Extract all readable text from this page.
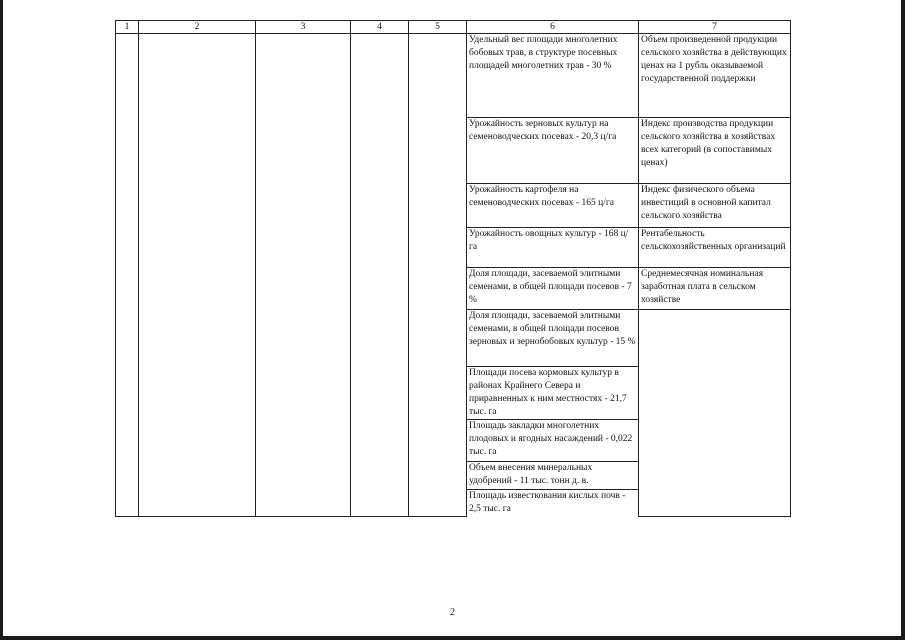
1	2	3	4	5	6	7
					Удельный вес площади многолетних бобовых трав, в структуре посевных площадей многолетних трав - 30 %	Объем произведенной продукции сельского хозяйства в действующих ценах на 1 рубль оказываемой государственной поддержки
					Урожайность зерновых культур на семеноводческих посевах - 20,3 ц/га	Индекс производства продукции сельского хозяйства в хозяйствах всех категорий (в сопоставимых ценах)
					Урожайность картофеля на семеноводческих посевах - 165 ц/га	Индекс физического объема инвестиций в основной капитал сельского хозяйства
					Урожайность овощных культур - 168 ц/га	Рентабельность сельскохозяйственных организаций
					Доля площади, засеваемой элитными семенами, в общей площади посевов - 7 %	Среднемесячная номинальная заработная плата в сельском хозяйстве
					Доля площади, засеваемой элитными семенами, в общей площади посевов зерновых и зернобобовых культур - 15 %	
					Площади посева кормовых культур в районах Крайнего Севера и приравненных к ним местностях - 21,7 тыс. га	
					Площадь закладки многолетних плодовых и ягодных насаждений - 0,022 тыс. га	
					Объем внесения минеральных удобрений - 11 тыс. тонн д. в.	
					Площадь известкования кислых почв - 2,5 тыс. га	
2
